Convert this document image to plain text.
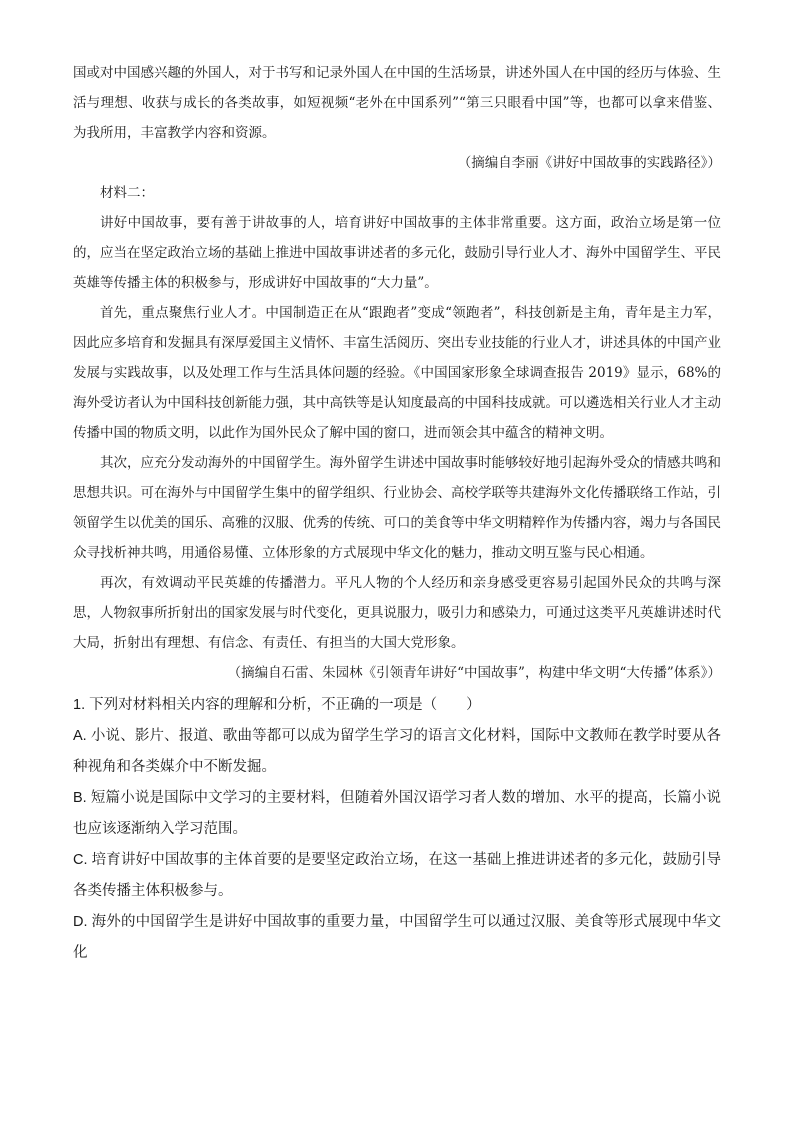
国或对中国感兴趣的外国人，对于书写和记录外国人在中国的生活场景，讲述外国人在中国的经历与体验、生活与理想、收获与成长的各类故事，如短视频“老外在中国系列”“第三只眼看中国”等，也都可以拿来借鉴、为我所用，丰富教学内容和资源。

（摘编自李丽《讲好中国故事的实践路径》）

材料二：

讲好中国故事，要有善于讲故事的人，培育讲好中国故事的主体非常重要。这方面，政治立场是第一位的，应当在坚定政治立场的基础上推进中国故事讲述者的多元化，鼓励引导行业人才、海外中国留学生、平民英雄等传播主体的积极参与，形成讲好中国故事的“大力量”。

首先，重点聚焦行业人才。中国制造正在从“跟跑者”变成“领跑者”，科技创新是主角，青年是主力军，因此应多培育和发掘具有深厚爱国主义情怀、丰富生活阅历、突出专业技能的行业人才，讲述具体的中国产业发展与实践故事，以及处理工作与生活具体问题的经验。《中国国家形象全球调查报告 2019》显示，68%的海外受访者认为中国科技创新能力强，其中高铁等是认知度最高的中国科技成就。可以遴选相关行业人才主动传播中国的物质文明，以此作为国外民众了解中国的窗口，进而领会其中蕴含的精神文明。

其次，应充分发动海外的中国留学生。海外留学生讲述中国故事时能够较好地引起海外受众的情感共鸣和思想共识。可在海外与中国留学生集中的留学组织、行业协会、高校学联等共建海外文化传播联络工作站，引领留学生以优美的国乐、高雅的汉服、优秀的传统、可口的美食等中华文明精粹作为传播内容，竭力与各国民众寻找析神共鸣，用通俗易懂、立体形象的方式展现中华文化的魅力，推动文明互鉴与民心相通。

再次，有效调动平民英雄的传播潜力。平凡人物的个人经历和亲身感受更容易引起国外民众的共鸣与深思，人物叙事所折射出的国家发展与时代变化，更具说服力，吸引力和感染力，可通过这类平凡英雄讲述时代大局，折射出有理想、有信念、有责任、有担当的大国大党形象。

（摘编自石雷、朱园林《引领青年讲好“中国故事”，构建中华文明“大传播”体系》）

1. 下列对材料相关内容的理解和分析，不正确的一项是（　　）

A. 小说、影片、报道、歌曲等都可以成为留学生学习的语言文化材料，国际中文教师在教学时要从各种视角和各类媒介中不断发掘。

B. 短篇小说是国际中文学习的主要材料，但随着外国汉语学习者人数的增加、水平的提高，长篇小说也应该逐渐纳入学习范围。

C. 培育讲好中国故事的主体首要的是要坚定政治立场，在这一基础上推进讲述者的多元化，鼓励引导各类传播主体积极参与。

D. 海外的中国留学生是讲好中国故事的重要力量，中国留学生可以通过汉服、美食等形式展现中华文化
